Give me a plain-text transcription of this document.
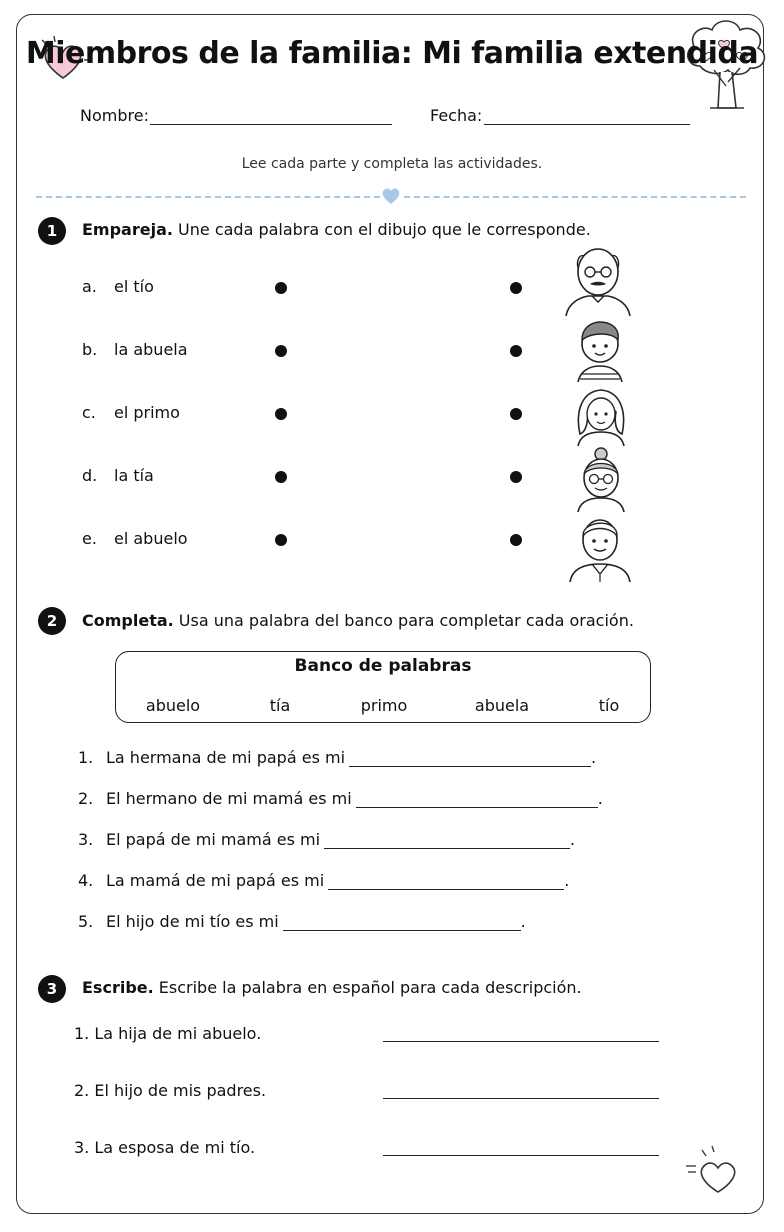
Miembros de la familia: Mi familia extendida
Nombre:	Fecha:
Lee cada parte y completa las actividades.
1	Empareja. Une cada palabra con el dibujo que le corresponde.
a. el tío
b. la abuela
c. el primo
d. la tía
e. el abuelo
2	Completa. Usa una palabra del banco para completar cada oración.
Banco de palabras
abuelo	tía	primo	abuela	tío
1. La hermana de mi papá es mi	.
2. El hermano de mi mamá es mi	.
3. El papá de mi mamá es mi	.
4. La mamá de mi papá es mi	.
5. El hijo de mi tío es mi	.
3	Escribe. Escribe la palabra en español para cada descripción.
1. La hija de mi abuelo.
2. El hijo de mis padres.
3. La esposa de mi tío.
